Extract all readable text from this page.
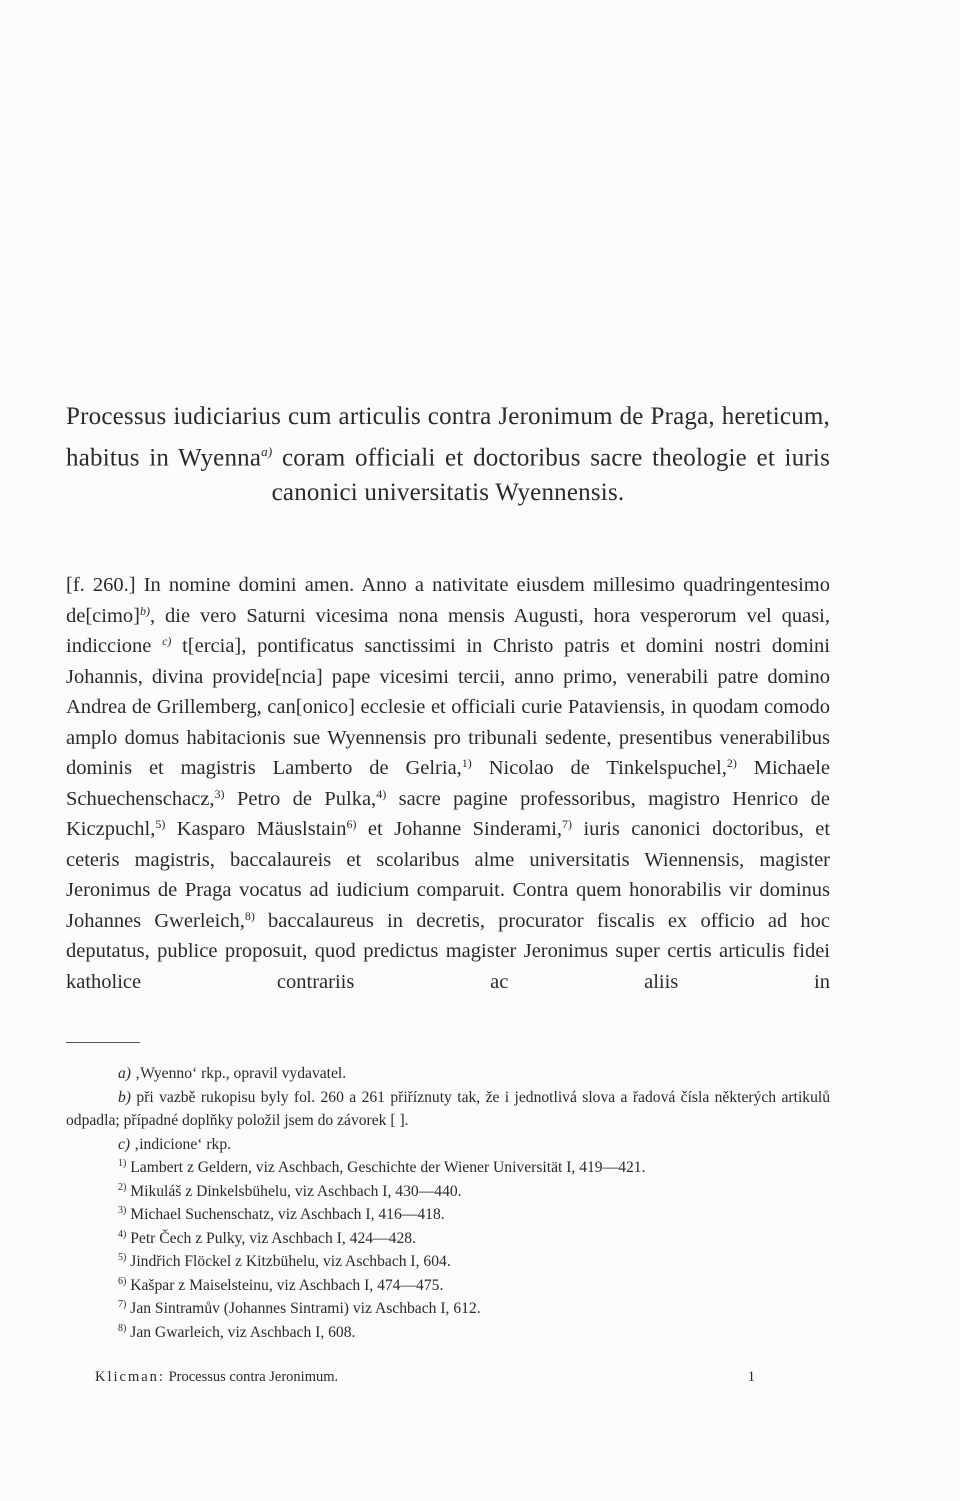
Processus iudiciarius cum articulis contra Jeronimum de Praga, hereticum, habitus in Wyenna$^{a)}$ coram officiali et doctoribus sacre theologie et iuris canonici universitatis Wyennensis.

[f. 260.] In nomine domini amen. Anno a nativitate eiusdem millesimo quadringentesimo de[cimo]$^{b)}$, die vero Saturni vicesima nona mensis Augusti, hora vesperorum vel quasi, indiccione $^{c)}$ t[ercia], pontificatus sanctissimi in Christo patris et domini nostri domini Johannis, divina provide[ncia] pape vicesimi tercii, anno primo, venerabili patre domino Andrea de Grillemberg, can[onico] ecclesie et officiali curie Pataviensis, in quodam comodo amplo domus habitacionis sue Wyennensis pro tribunali sedente, presentibus venerabilibus dominis et magistris Lamberto de Gelria,$^{1)}$ Nicolao de Tinkelspuchel,$^{2)}$ Michaele Schuechenschacz,$^{3)}$ Petro de Pulka,$^{4)}$ sacre pagine professoribus, magistro Henrico de Kiczpuchl,$^{5)}$ Kasparo Mäuslstain$^{6)}$ et Johanne Sinderami,$^{7)}$ iuris canonici doctoribus, et ceteris magistris, baccalaureis et scolaribus alme universitatis Wiennensis, magister Jeronimus de Praga vocatus ad iudicium comparuit. Contra quem honorabilis vir dominus Johannes Gwerleich,$^{8)}$ baccalaureus in decretis, procurator fiscalis ex officio ad hoc deputatus, publice proposuit, quod predictus magister Jeronimus super certis articulis fidei katholice contrariis ac aliis in

a) ‚Wyenno‘ rkp., opravil vydavatel.
b) při vazbě rukopisu byly fol. 260 a 261 přiříznuty tak, že i jednotlivá slova a řadová čísla některých artikulů odpadla; případné doplňky položil jsem do závorek [ ].
c) ‚indicione‘ rkp.
$^{1)}$ Lambert z Geldern, viz Aschbach, Geschichte der Wiener Universität I, 419—421.
$^{2)}$ Mikuláš z Dinkelsbühelu, viz Aschbach I, 430—440.
$^{3)}$ Michael Suchenschatz, viz Aschbach I, 416—418.
$^{4)}$ Petr Čech z Pulky, viz Aschbach I, 424—428.
$^{5)}$ Jindřich Flöckel z Kitzbühelu, viz Aschbach I, 604.
$^{6)}$ Kašpar z Maiselsteinu, viz Aschbach I, 474—475.
$^{7)}$ Jan Sintramův (Johannes Sintrami) viz Aschbach I, 612.
$^{8)}$ Jan Gwarleich, viz Aschbach I, 608.
Klicman: Processus contra Jeronimum.	1
